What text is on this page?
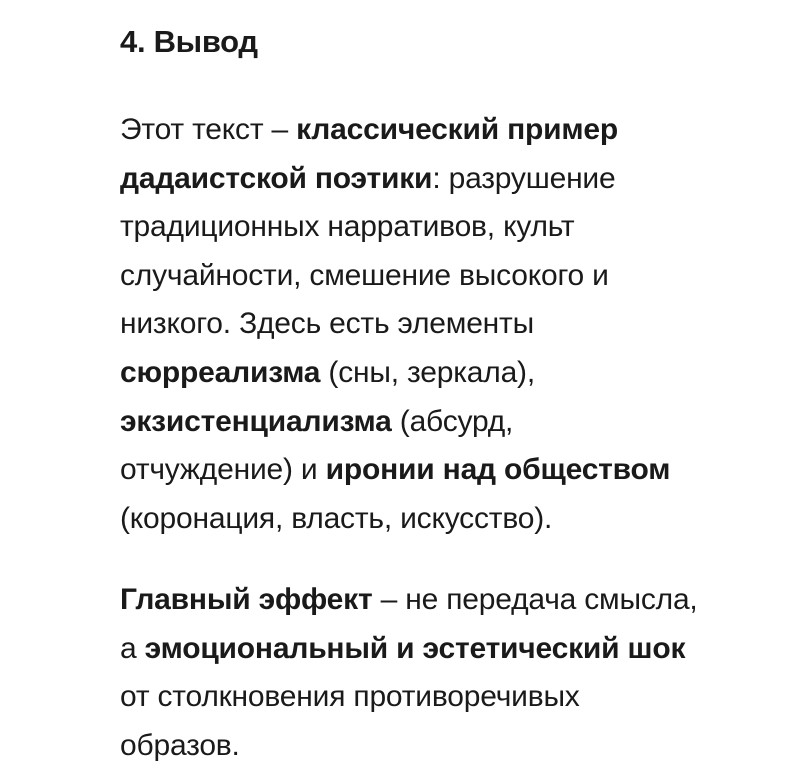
4. Вывод

Этот текст – классический пример
дадаистской поэтики: разрушение
традиционных нарративов, культ
случайности, смешение высокого и
низкого. Здесь есть элементы
сюрреализма (сны, зеркала),
экзистенциализма (абсурд,
отчуждение) и иронии над обществом
(коронация, власть, искусство).

Главный эффект – не передача смысла,
а эмоциональный и эстетический шок
от столкновения противоречивых
образов.
